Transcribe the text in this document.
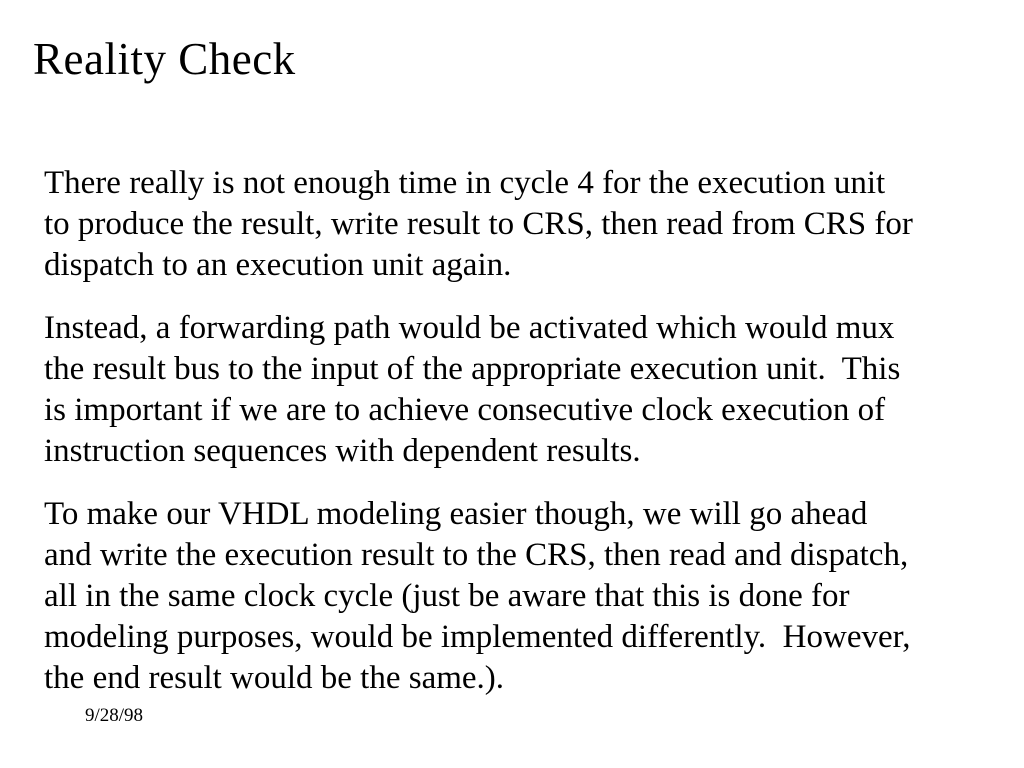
Reality Check
There really is not enough time in cycle 4 for the execution unit
to produce the result, write result to CRS, then read from CRS for
dispatch to an execution unit again.
Instead, a forwarding path would be activated which would mux
the result bus to the input of the appropriate execution unit.  This
is important if we are to achieve consecutive clock execution of
instruction sequences with dependent results.
To make our VHDL modeling easier though, we will go ahead
and write the execution result to the CRS, then read and dispatch,
all in the same clock cycle (just be aware that this is done for
modeling purposes, would be implemented differently.  However,
the end result would be the same.).
9/28/98
